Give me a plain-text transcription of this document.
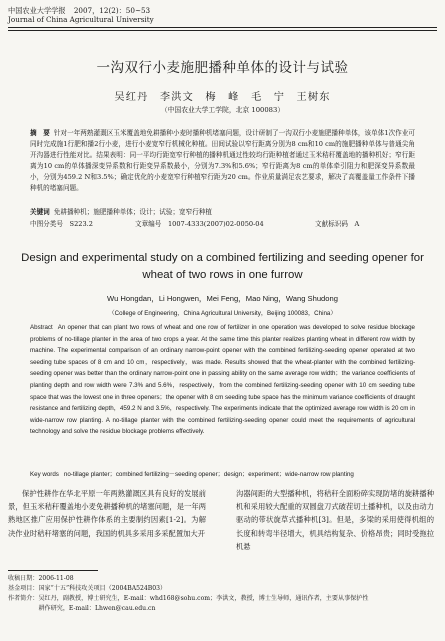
中国农业大学学报 2007，12(2)：50~53
Journal of China Agricultural University
一沟双行小麦施肥播种单体的设计与试验
吴红丹　李洪文　梅　峰　毛　宁　王树东
（中国农业大学工学院，北京 100083）
摘　要 针对一年两熟灌溉区玉米覆盖地免耕播种小麦时播种机堵塞问题，设计研制了一沟双行小麦施肥播种单体，该单体1次作业可同时完成施1行肥和播2行小麦，进行小麦宽窄行机械化种植。田间试验以窄行距离分别为8 cm和10 cm的施肥播种单体与普通尖角开沟器进行性能对比。结果表明：同一平均行距宽窄行种植的播种机通过性较均行距种植者通过玉米秸秆覆盖地的播种机好；窄行距离为10 cm的单体播深变异系数和行距变异系数最小，分别为7.3%和5.6%；窄行距离为8 cm的单体牵引阻力和肥深变异系数最小，分别为459.2 N和3.5%；确定优化的小麦宽窄行种植窄行距为20 cm。作业质量满足农艺要求，解决了高覆盖量工作条件下播种机的堵塞问题。
关键词 免耕播种机；施肥播种单体；设计；试验；宽窄行种植
中图分类号　S223.2	文章编号　1007-4333(2007)02-0050-04	文献标识码　A
Design and experimental study on a combined fertilizing and seeding opener for wheat of two rows in one furrow
Wu Hongdan，Li Hongwen，Mei Feng，Mao Ning，Wang Shudong
（College of Engineering，China Agricultural University，Beijing 100083，China）
Abstract An opener that can plant two rows of wheat and one row of fertilizer in one operation was developed to solve residue blockage problems of no-tillage planter in the area of two crops a year. At the same time this planter realizes planting wheat in different row width by machine. The experimental comparison of an ordinary narrow-point opener with the combined fertilizing-seeding opener operated at two seeding tube spaces of 8 cm and 10 cm，respectively，was made. Results showed that the wheat-planter with the combined fertilizing-seeding opener was better than the ordinary narrow-point one in passing ability on the same average row width；the variance coefficients of planting depth and row width were 7.3% and 5.6%，respectively，from the combined fertilizing-seeding opener with 10 cm seeding tube space that was the lowest one in three openers；the opener with 8 cm seeding tube space has the minimum variance coefficients of draught resistance and fertilizing depth，459.2 N and 3.5%，respectively. The experiments indicate that the optimized average row width is 20 cm in wide-narrow row planting. A no-tillage planter with the combined fertilizing-seeding opener could meet the requirements of agricultural technology and solve the residue blockage problems effectively.
Key words no-tillage planter；combined fertilizing－seeding opener；design；experiment；wide-narrow row planting
保护性耕作在华北平原一年两熟灌溉区具有良好的发展前景，但玉米秸秆覆盖地小麦免耕播种机的堵塞问题，是一年两熟地区推广应用保护性耕作体系的主要制约因素[1-2]。为解决作业时秸秆堵塞的问题，我国的机具多采用多采配置加大开
沟器间距的大型播种机，将秸秆全面粉碎实现防堵的旋耕播种机和采用较大配重的双圆盘刀式破茬切土播种机，以及由动力驱动的带状旋草式播种机[3]。但是，多梁的采用使得机组的长度和转弯半径增大，机具结构复杂、价格昂贵；同时受拖拉机悬

收稿日期：2006-11-08

基金项目：国家“十五”科技攻关项目（2004BA524B03）

作者简介：吴红丹，副教授，博士研究生，E-mail：whd168@sohu.com；李洪文，教授，博士生导师，通讯作者，主要从事保护性

　　　　　耕作研究，E-mail：Lhwen@cau.edu.cn
